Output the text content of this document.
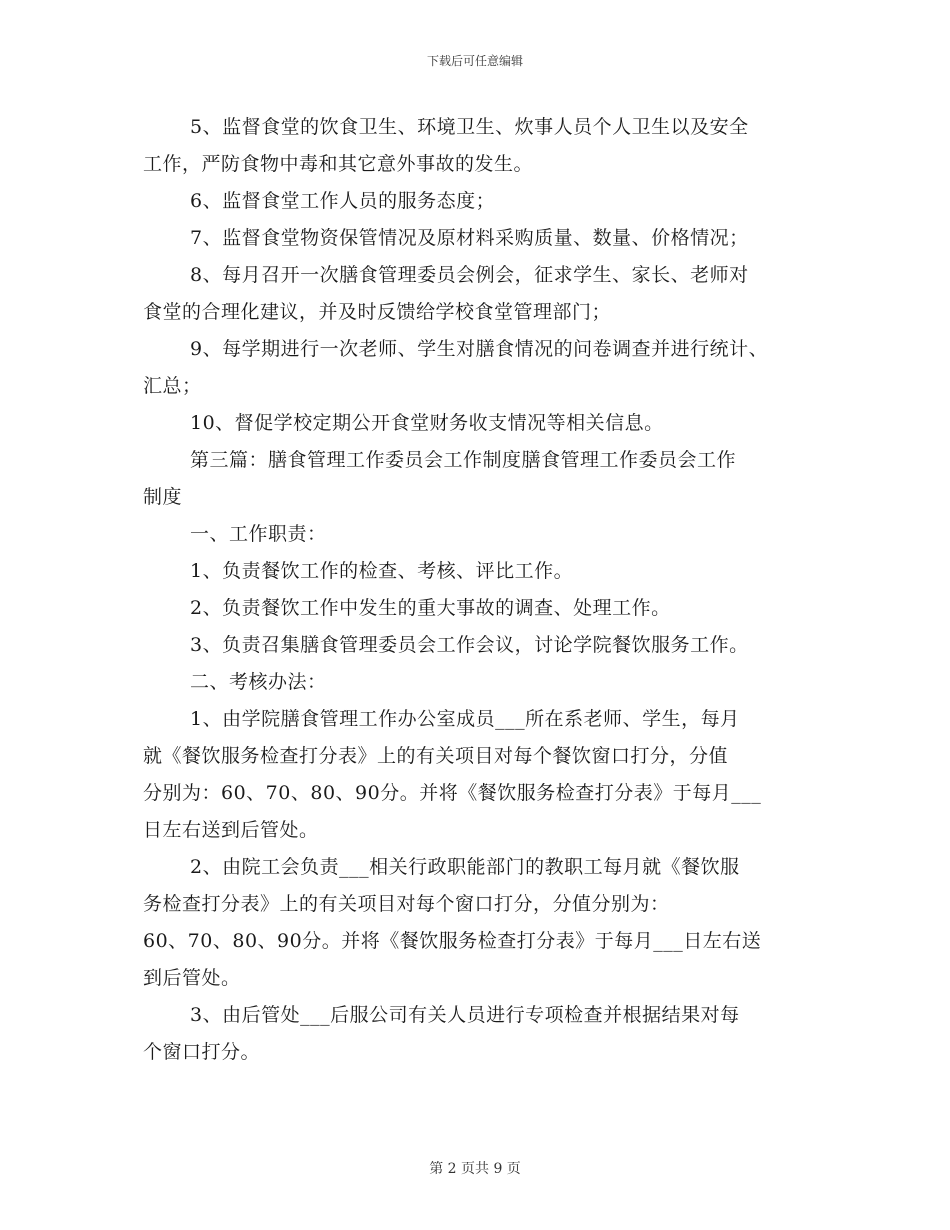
下载后可任意编辑
5、监督食堂的饮食卫生、环境卫生、炊事人员个人卫生以及安全
工作，严防食物中毒和其它意外事故的发生。
6、监督食堂工作人员的服务态度；
7、监督食堂物资保管情况及原材料采购质量、数量、价格情况；
8、每月召开一次膳食管理委员会例会，征求学生、家长、老师对
食堂的合理化建议，并及时反馈给学校食堂管理部门；
9、每学期进行一次老师、学生对膳食情况的问卷调查并进行统计、
汇总；
10、督促学校定期公开食堂财务收支情况等相关信息。
第三篇：膳食管理工作委员会工作制度膳食管理工作委员会工作
制度
一、工作职责：
1、负责餐饮工作的检查、考核、评比工作。
2、负责餐饮工作中发生的重大事故的调查、处理工作。
3、负责召集膳食管理委员会工作会议，讨论学院餐饮服务工作。
二、考核办法：
1、由学院膳食管理工作办公室成员___所在系老师、学生，每月
就《餐饮服务检查打分表》上的有关项目对每个餐饮窗口打分，分值
分别为：60、70、80、90分。并将《餐饮服务检查打分表》于每月___
日左右送到后管处。
2、由院工会负责___相关行政职能部门的教职工每月就《餐饮服
务检查打分表》上的有关项目对每个窗口打分，分值分别为：
60、70、80、90分。并将《餐饮服务检查打分表》于每月___日左右送
到后管处。
3、由后管处___后服公司有关人员进行专项检查并根据结果对每
个窗口打分。
第 2 页共 9 页
